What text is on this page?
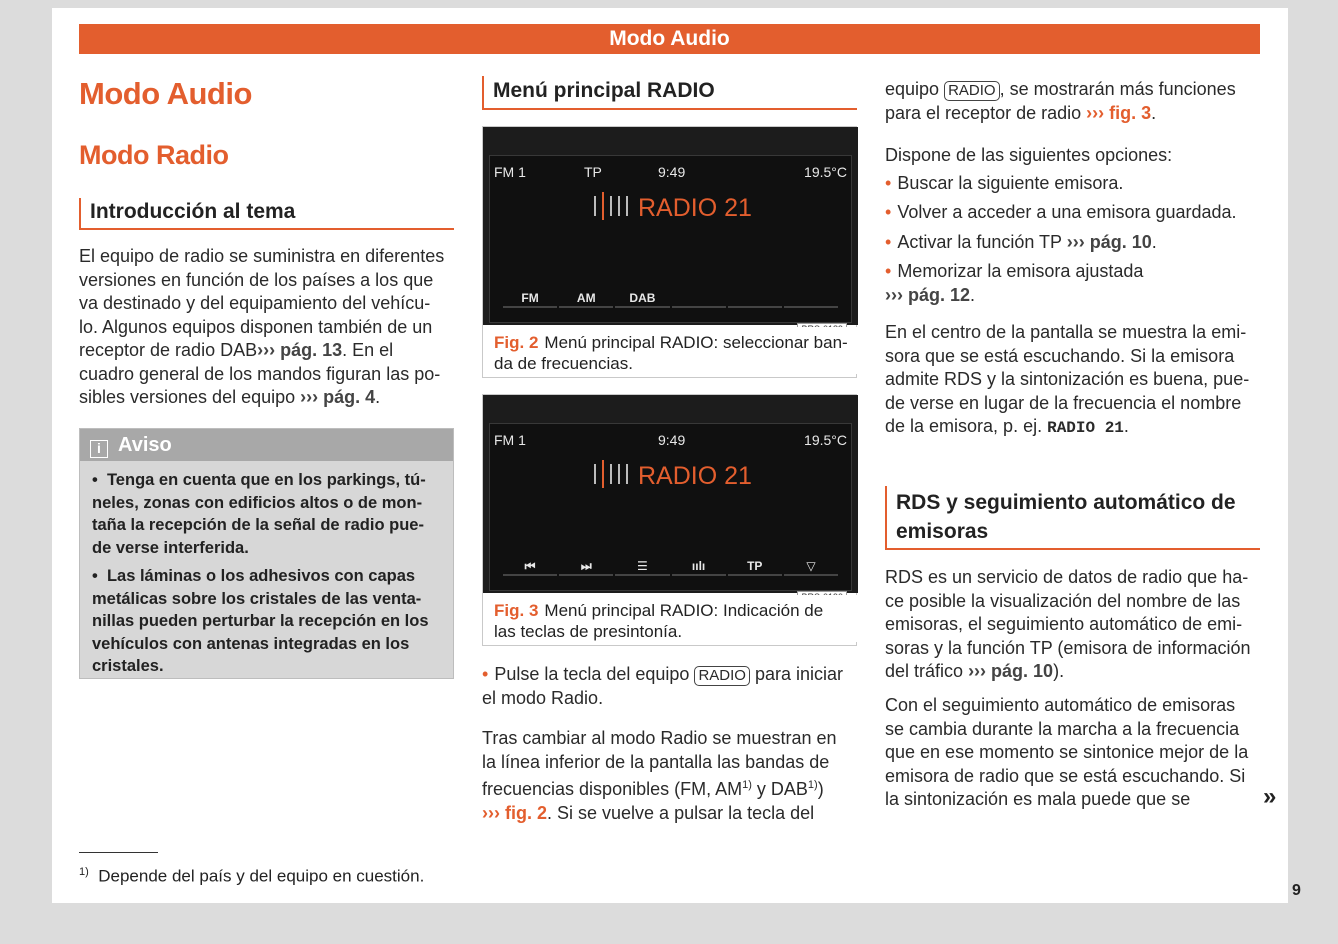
Modo Audio
Modo Audio
Modo Radio
Introducción al tema
El equipo de radio se suministra en diferentes
versiones en función de los países a los que
va destinado y del equipamiento del vehícu-
lo. Algunos equipos disponen también de un
receptor de radio DAB››› pág. 13. En el
cuadro general de los mandos figuran las po-
sibles versiones del equipo ››› pág. 4.
i Aviso

• Tenga en cuenta que en los parkings, tú-neles, zonas con edificios altos o de mon-taña la recepción de la señal de radio pue-de verse interferida.

• Las láminas o los adhesivos con capas metálicas sobre los cristales de las venta-nillas pueden perturbar la recepción en los vehículos con antenas integradas en los cristales.

Menú principal RADIO
FM 1	TP	9:49	19.5°C
RADIO 21
FM	AM	DAB
Fig. 2 Menú principal RADIO: seleccionar ban-da de frecuencias.
FM 1	9:49	19.5°C
RADIO 21
⏮	⏭	☰	ıılı	TP	▽
Fig. 3 Menú principal RADIO: Indicación de las teclas de presintonía.
• Pulse la tecla del equipo RADIO para iniciar
el modo Radio.
Tras cambiar al modo Radio se muestran en
la línea inferior de la pantalla las bandas de
frecuencias disponibles (FM, AM$^{1)}$ y DAB$^{1)}$)
››› fig. 2. Si se vuelve a pulsar la tecla del
equipo RADIO , se mostrarán más funciones
para el receptor de radio ››› fig. 3.
Dispone de las siguientes opciones:
• Buscar la siguiente emisora.
• Volver a acceder a una emisora guardada.
• Activar la función TP ››› pág. 10.
• Memorizar la emisora ajustada
››› pág. 12.
En el centro de la pantalla se muestra la emi-
sora que se está escuchando. Si la emisora
admite RDS y la sintonización es buena, pue-
de verse en lugar de la frecuencia el nombre
de la emisora, p. ej. RADIO 21.
RDS y seguimiento automático de
emisoras
RDS es un servicio de datos de radio que ha-
ce posible la visualización del nombre de las
emisoras, el seguimiento automático de emi-
soras y la función TP (emisora de información
del tráfico ››› pág. 10).
Con el seguimiento automático de emisoras
se cambia durante la marcha a la frecuencia
que en ese momento se sintonice mejor de la
emisora de radio que se está escuchando. Si
la sintonización es mala puede que se	»
$^{1)}$ Depende del país y del equipo en cuestión.
9
